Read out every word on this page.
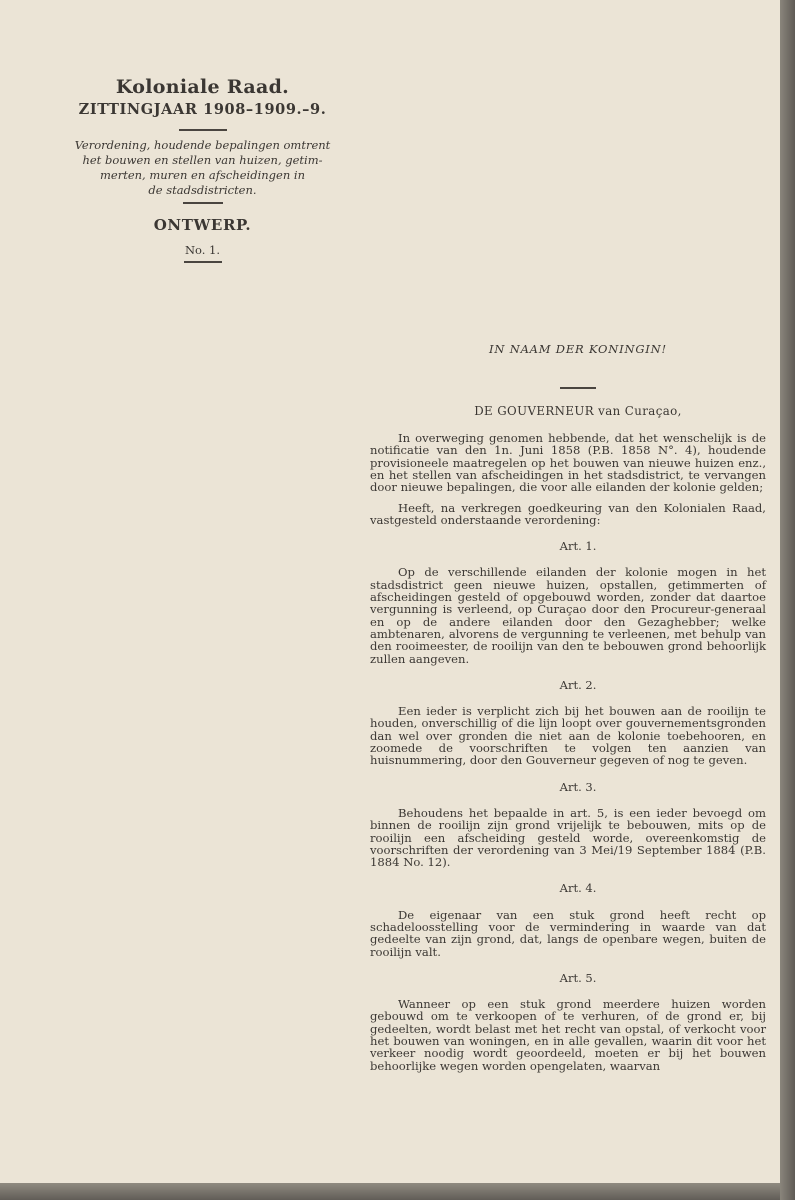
Koloniale Raad.
ZITTINGJAAR 1908–1909.–9.
Verordening, houdende bepalingen omtrent
het bouwen en stellen van huizen, getim-
merten, muren en afscheidingen in
de stadsdistricten.
ONTWERP.
No. 1.
IN NAAM DER KONINGIN!
DE GOUVERNEUR van Curaçao,

In overweging genomen hebbende, dat het wenschelijk is de notificatie van den 1n. Juni 1858 (P.B. 1858 N°. 4), houdende provisioneele maatregelen op het bouwen van nieuwe huizen enz., en het stellen van afscheidingen in het stadsdistrict, te vervangen door nieuwe bepalingen, die voor alle eilanden der kolonie gelden;

Heeft, na verkregen goedkeuring van den Kolonialen Raad, vastgesteld onderstaande verordening:

Art. 1.

Op de verschillende eilanden der kolonie mogen in het stadsdistrict geen nieuwe huizen, opstallen, getimmerten of afscheidingen gesteld of opgebouwd worden, zonder dat daartoe vergunning is verleend, op Curaçao door den Procureur-generaal en op de andere eilanden door den Gezaghebber; welke ambtenaren, alvorens de vergunning te verleenen, met behulp van den rooimeester, de rooilijn van den te bebouwen grond behoorlijk zullen aangeven.

Art. 2.

Een ieder is verplicht zich bij het bouwen aan de rooilijn te houden, onverschillig of die lijn loopt over gouvernementsgronden dan wel over gronden die niet aan de kolonie toebehooren, en zoomede de voorschriften te volgen ten aanzien van huisnummering, door den Gouverneur gegeven of nog te geven.

Art. 3.

Behoudens het bepaalde in art. 5, is een ieder bevoegd om binnen de rooilijn zijn grond vrijelijk te bebouwen, mits op de rooilijn een afscheiding gesteld worde, overeenkomstig de voorschriften der verordening van 3 Mei/19 September 1884 (P.B. 1884 No. 12).

Art. 4.

De eigenaar van een stuk grond heeft recht op schadeloosstelling voor de vermindering in waarde van dat gedeelte van zijn grond, dat, langs de openbare wegen, buiten de rooilijn valt.

Art. 5.

Wanneer op een stuk grond meerdere huizen worden gebouwd om te verkoopen of te verhuren, of de grond er, bij gedeelten, wordt belast met het recht van opstal, of verkocht voor het bouwen van woningen, en in alle gevallen, waarin dit voor het verkeer noodig wordt geoordeeld, moeten er bij het bouwen behoorlijke wegen worden opengelaten, waarvan
